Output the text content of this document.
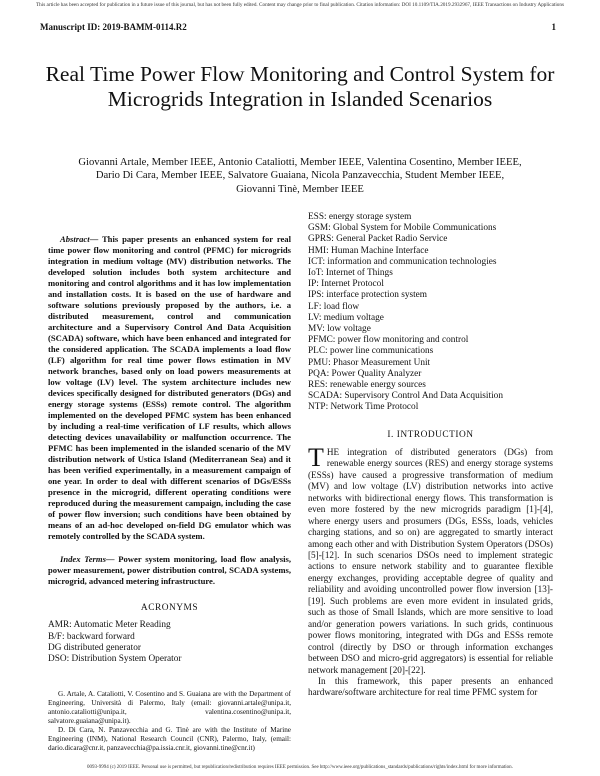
This article has been accepted for publication in a future issue of this journal, but has not been fully edited. Content may change prior to final publication. Citation information: DOI 10.1109/TIA.2019.2932967, IEEE Transactions on Industry Applications
Manuscript ID: 2019-BAMM-0114.R2	1
Real Time Power Flow Monitoring and Control System for Microgrids Integration in Islanded Scenarios
Giovanni Artale, Member IEEE, Antonio Cataliotti, Member IEEE, Valentina Cosentino, Member IEEE, Dario Di Cara, Member IEEE, Salvatore Guaiana, Nicola Panzavecchia, Student Member IEEE, Giovanni Tinè, Member IEEE

Abstract— This paper presents an enhanced system for real time power flow monitoring and control (PFMC) for microgrids integration in medium voltage (MV) distribution networks. The developed solution includes both system architecture and monitoring and control algorithms and it has low implementation and installation costs. It is based on the use of hardware and software solutions previously proposed by the authors, i.e. a distributed measurement, control and communication architecture and a Supervisory Control And Data Acquisition (SCADA) software, which have been enhanced and integrated for the considered application. The SCADA implements a load flow (LF) algorithm for real time power flows estimation in MV network branches, based only on load powers measurements at low voltage (LV) level. The system architecture includes new devices specifically designed for distributed generators (DGs) and energy storage systems (ESSs) remote control. The algorithm implemented on the developed PFMC system has been enhanced by including a real-time verification of LF results, which allows detecting devices unavailability or malfunction occurrence. The PFMC has been implemented in the islanded scenario of the MV distribution network of Ustica Island (Mediterranean Sea) and it has been verified experimentally, in a measurement campaign of one year. In order to deal with different scenarios of DGs/ESSs presence in the microgrid, different operating conditions were reproduced during the measurement campaign, including the case of power flow inversion; such conditions have been obtained by means of an ad-hoc developed on-field DG emulator which was remotely controlled by the SCADA system.

Index Terms— Power system monitoring, load flow analysis, power measurement, power distribution control, SCADA systems, microgrid, advanced metering infrastructure.

ACRONYMS
AMR: Automatic Meter Reading
B/F: backward forward
DG distributed generator
DSO: Distribution System Operator

G. Artale, A. Cataliotti, V. Cosentino and S. Guaiana are with the Department of Engineering, Università di Palermo, Italy (email: giovanni.artale@unipa.it, antonio.cataliotti@unipa.it, valentina.cosentino@unipa.it, salvatore.guaiana@unipa.it).

D. Di Cara, N. Panzavecchia and G. Tinè are with the Institute of Marine Engineering (INM), National Research Council (CNR), Palermo, Italy, (email: dario.dicara@cnr.it, panzavecchia@pa.issia.cnr.it, giovanni.tine@cnr.it)

ESS: energy storage system
GSM: Global System for Mobile Communications
GPRS: General Packet Radio Service
HMI: Human Machine Interface
ICT: information and communication technologies
IoT: Internet of Things
IP: Internet Protocol
IPS: interface protection system
LF: load flow
LV: medium voltage
MV: low voltage
PFMC: power flow monitoring and control
PLC: power line communications
PMU: Phasor Measurement Unit
PQA: Power Quality Analyzer
RES: renewable energy sources
SCADA: Supervisory Control And Data Acquisition
NTP: Network Time Protocol
I. INTRODUCTION

THE integration of distributed generators (DGs) from renewable energy sources (RES) and energy storage systems (ESSs) have caused a progressive transformation of medium (MV) and low voltage (LV) distribution networks into active networks with bidirectional energy flows. This transformation is even more fostered by the new microgrids paradigm [1]-[4], where energy users and prosumers (DGs, ESSs, loads, vehicles charging stations, and so on) are aggregated to smartly interact among each other and with Distribution System Operators (DSOs) [5]-[12]. In such scenarios DSOs need to implement strategic actions to ensure network stability and to guarantee flexible energy exchanges, providing acceptable degree of quality and reliability and avoiding uncontrolled power flow inversion [13]-[19]. Such problems are even more evident in insulated grids, such as those of Small Islands, which are more sensitive to load and/or generation powers variations. In such grids, continuous power flows monitoring, integrated with DGs and ESSs remote control (directly by DSO or through information exchanges between DSO and micro-grid aggregators) is essential for reliable network management [20]-[22].

In this framework, this paper presents an enhanced hardware/software architecture for real time PFMC system for

0093-9994 (c) 2019 IEEE. Personal use is permitted, but republication/redistribution requires IEEE permission. See http://www.ieee.org/publications_standards/publications/rights/index.html for more information.
